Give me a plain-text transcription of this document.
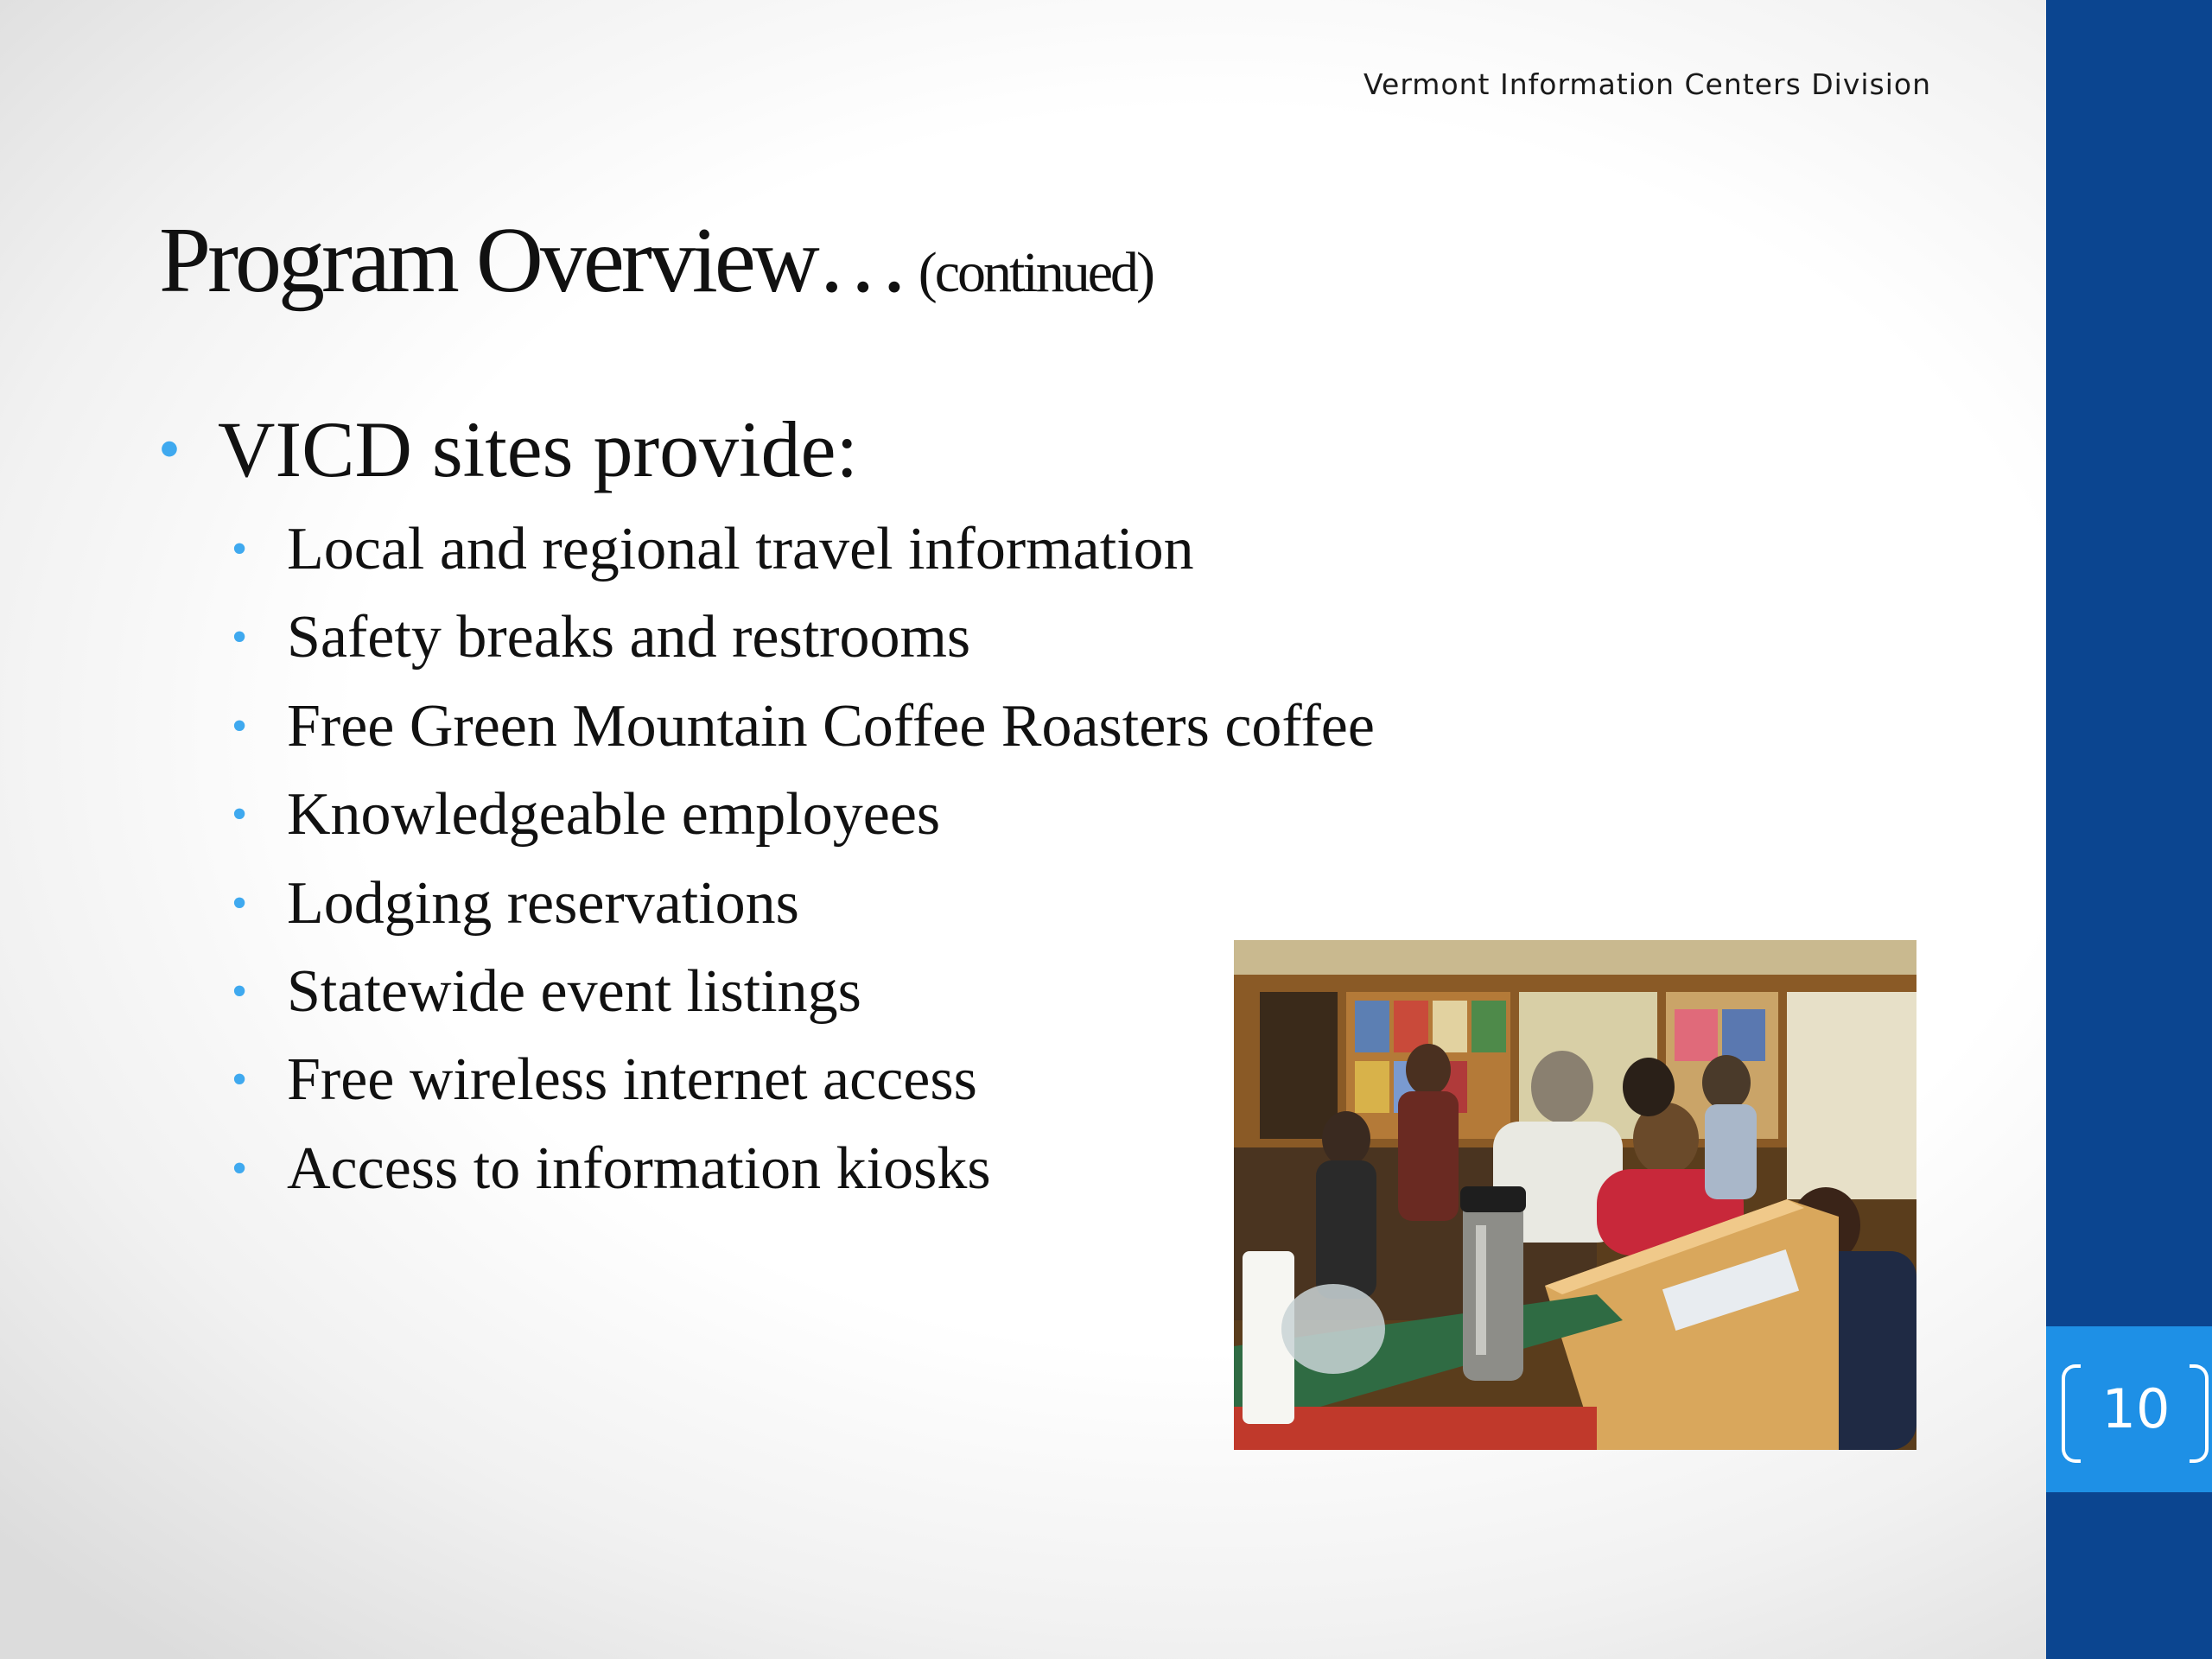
Vermont Information Centers Division
Program Overview… (continued)
• VICD sites provide:
• Local and regional travel information
• Safety breaks and restrooms
• Free Green Mountain Coffee Roasters coffee
• Knowledgeable employees
• Lodging reservations
• Statewide event listings
• Free wireless internet access
• Access to information kiosks
10
